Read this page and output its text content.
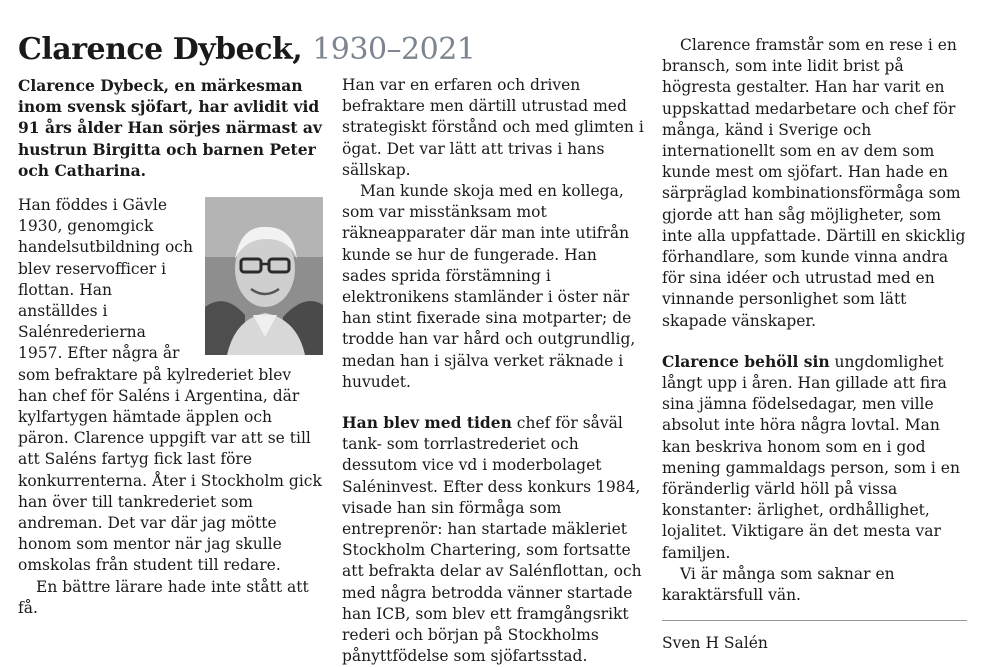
Clarence Dybeck, 1930–2021

Clarence Dybeck, en märkesman inom svensk sjöfart, har avlidit vid 91 års ålder Han sörjes närmast av hustrun Birgitta och barnen Peter och Catharina.

Han föddes i Gävle 1930, genomgick handelsutbildning och blev reservofficer i flottan. Han anställdes i Salénrederierna 1957. Efter några år som befraktare på kylrederiet blev han chef för Saléns i Argentina, där kylfartygen hämtade äpplen och päron. Clarence uppgift var att se till att Saléns fartyg fick last före konkurrenterna. Åter i Stockholm gick han över till tankrederiet som andreman. Det var där jag mötte honom som mentor när jag skulle omskolas från student till redare.

En bättre lärare hade inte stått att få.

Han var en erfaren och driven befraktare men därtill utrustad med strategiskt förstånd och med glimten i ögat. Det var lätt att trivas i hans sällskap.

Man kunde skoja med en kollega, som var misstänksam mot räkneapparater där man inte utifrån kunde se hur de fungerade. Han sades sprida förstämning i elektronikens stamländer i öster när han stint fixerade sina motparter; de trodde han var hård och outgrundlig, medan han i själva verket räknade i huvudet.

Han blev med tiden chef för såväl tank- som torrlastrederiet och dessutom vice vd i moderbolaget Saléninvest. Efter dess konkurs 1984, visade han sin förmåga som entreprenör: han startade mäkleriet Stockholm Chartering, som fortsatte att befrakta delar av Salénflottan, och med några betrodda vänner startade han ICB, som blev ett framgångsrikt rederi och början på Stockholms pånyttfödelse som sjöfartsstad.

Clarence framstår som en rese i en bransch, som inte lidit brist på högresta gestalter. Han har varit en uppskattad medarbetare och chef för många, känd i Sverige och internationellt som en av dem som kunde mest om sjöfart. Han hade en särpräglad kombinationsförmåga som gjorde att han såg möjligheter, som inte alla uppfattade. Därtill en skicklig förhandlare, som kunde vinna andra för sina idéer och utrustad med en vinnande personlighet som lätt skapade vänskaper.

Clarence behöll sin ungdomlighet långt upp i åren. Han gillade att fira sina jämna födelsedagar, men ville absolut inte höra några lovtal. Man kan beskriva honom som en i god mening gammaldags person, som i en föränderlig värld höll på vissa konstanter: ärlighet, ordhållighet, lojalitet. Viktigare än det mesta var familjen.

Vi är många som saknar en karaktärsfull vän.

Sven H Salén
